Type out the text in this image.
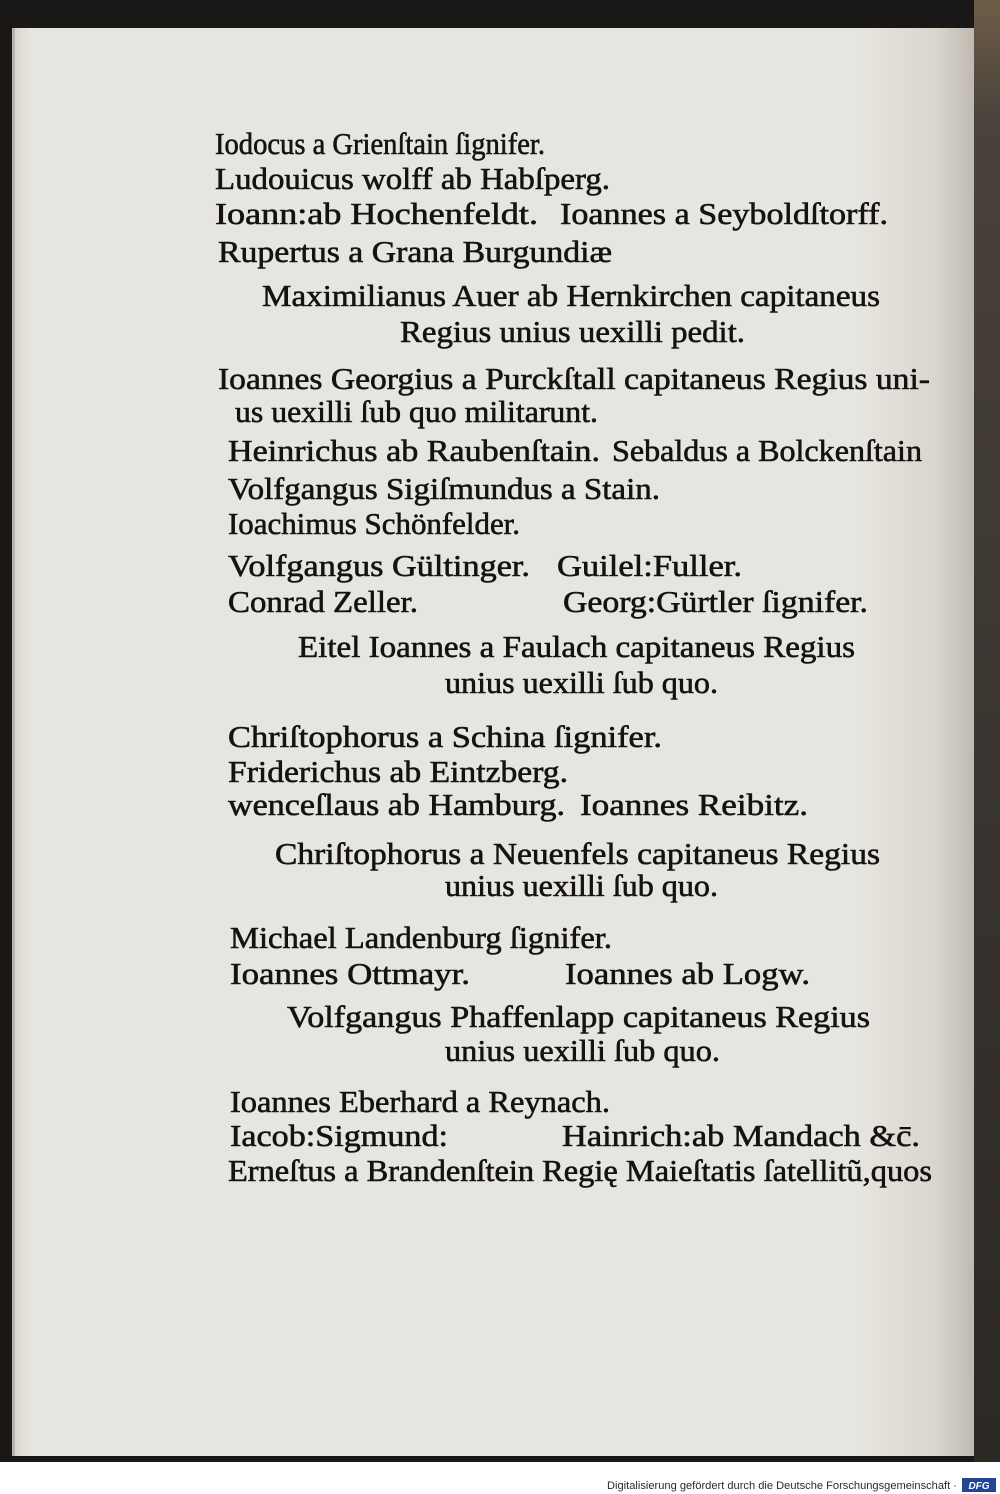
Iodocus a Grienſtain ſignifer.
Ludouicus wolff ab Habſperg.
Ioann:ab Hochenfeldt. Ioannes a Seyboldſtorff.
Rupertus a Grana Burgundiæ
Maximilianus Auer ab Hernkirchen capitaneus
Regius unius uexilli pedit.
Ioannes Georgius a Purckſtall capitaneus Regius uni-
us uexilli ſub quo militarunt.
Heinrichus ab Raubenſtain. Sebaldus a Bolckenſtain
Volfgangus Sigiſmundus a Stain.
Ioachimus Schönfelder.
Volfgangus Gültinger. Guilel:Fuller.
Conrad Zeller.	Georg:Gürtler ſignifer.
Eitel Ioannes a Faulach capitaneus Regius
unius uexilli ſub quo.
Chriſtophorus a Schina ſignifer.
Friderichus ab Eintzberg.
wenceſlaus ab Hamburg. Ioannes Reibitz.
Chriſtophorus a Neuenfels capitaneus Regius
unius uexilli ſub quo.
Michael Landenburg ſignifer.
Ioannes Ottmayr.	Ioannes ab Logw.
Volfgangus Phaffenlapp capitaneus Regius
unius uexilli ſub quo.
Ioannes Eberhard a Reynach.
Iacob:Sigmund:	Hainrich:ab Mandach &c̄.
Erneſtus a Brandenſtein Regię Maieſtatis ſatellitũ,quos
Digitalisierung gefördert durch die Deutsche Forschungsgemeinschaft · DFG
